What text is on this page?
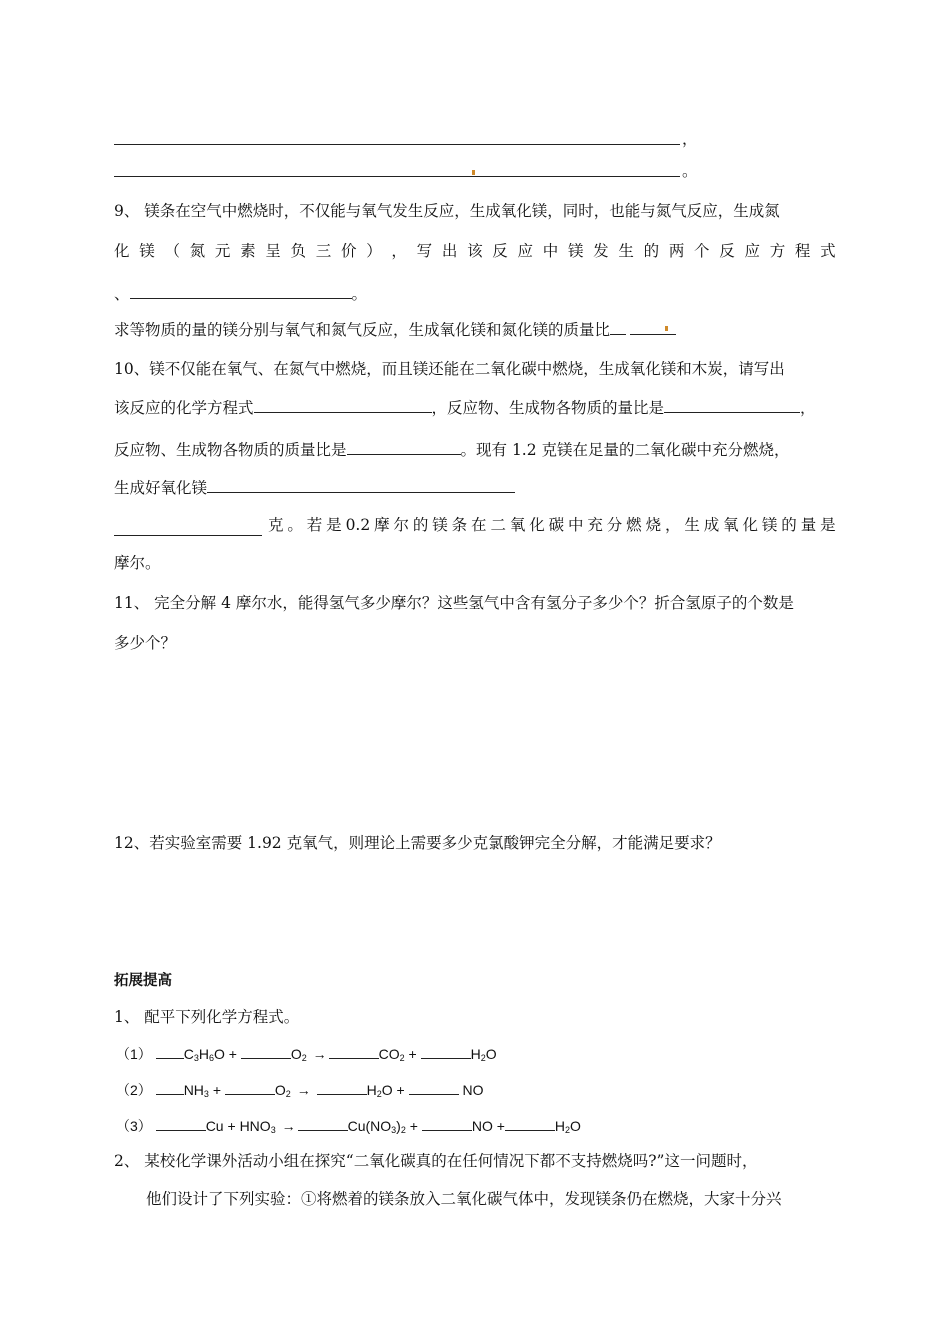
，
。
9、 镁条在空气中燃烧时，不仅能与氧气发生反应，生成氧化镁，同时，也能与氮气反应，生成氮
化 镁 （ 氮 元 素 呈 负 三 价 ） ， 写 出 该 反 应 中 镁 发 生 的 两 个 反 应 方 程 式
、	。
求等物质的量的镁分别与氧气和氮气反应，生成氧化镁和氮化镁的质量比
10、镁不仅能在氧气、在氮气中燃烧，而且镁还能在二氧化碳中燃烧，生成氧化镁和木炭，请写出
该反应的化学方程式	，反应物、生成物各物质的量比是	，
反应物、生成物各物质的质量比是	。现有 1.2 克镁在足量的二氧化碳中充分燃烧，
生成好氧化镁
克 。 若 是 0.2 摩 尔 的 镁 条 在 二 氧 化 碳 中 充 分 燃 烧 ， 生 成 氧 化 镁 的 量 是
摩尔。
11、 完全分解 4 摩尔水，能得氢气多少摩尔？这些氢气中含有氢分子多少个？折合氢原子的个数是
多少个？
12、若实验室需要 1.92 克氧气，则理论上需要多少克氯酸钾完全分解，才能满足要求？
拓展提高
1、 配平下列化学方程式。
（1） $C_3H_6O$ +	$O_2$ →	$CO_2$ +	$H_2O$
（2） $NH_3$ +	$O_2$ →	$H_2O$ +	NO
（3）	$Cu + HNO_3$ →	$Cu(NO_3)_2$ +	NO +	$H_2O$
2、 某校化学课外活动小组在探究“二氧化碳真的在任何情况下都不支持燃烧吗?”这一问题时，
他们设计了下列实验：①将燃着的镁条放入二氧化碳气体中，发现镁条仍在燃烧，大家十分兴
